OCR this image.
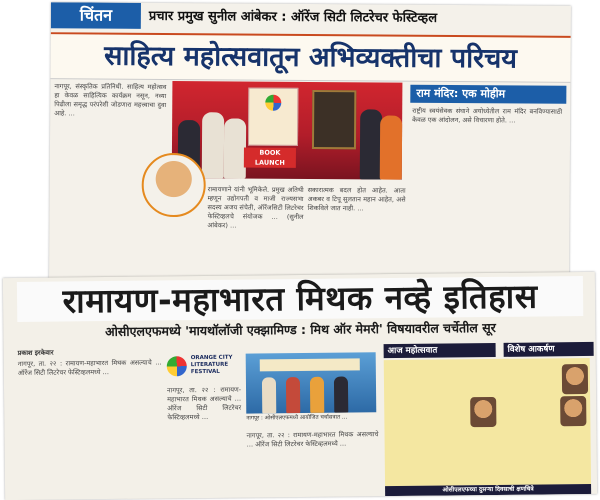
चिंतन	प्रचार प्रमुख सुनील आंबेकर : ऑरेंज सिटी लिटरेचर फेस्टिव्हल
साहित्य महोत्सवातून अभिव्यक्तीचा परिचय
नागपूर, संस्कृतिक प्रतिनिधी. साहित्य महोत्सव हा केवळ साहित्यिक कार्यक्रम नसून, नव्या पिढीला समृद्ध परंपरेशी जोडणारा महत्त्वाचा दुवा आहे. …
BOOK LAUNCH
रामायणाने यांनी भूमिकेले. प्रमुख अतिथी म्हणून उद्योगपती व माजी राज्यसभा सदस्य अजय संचेती, ऑरेंजसिटी लिटरेचर फेस्टिव्हलचे संयोजक … (सुनील आंबेकर) …
सकारात्मक बदल होत आहेत. आता अकबर व टिपू सुलतान महान आहेत, असे शिकविले जात नाही. …
राम मंदिर: एक मोहीम
राष्ट्रीय स्वयंसेवक संघाने अयोध्येतील राम मंदिर बनविण्यासाठी केवळ एक आंदोलन, असे विचारणा होते. …
रामायण-महाभारत मिथक नव्हे इतिहास
ओसीएलएफमध्ये 'मायथॉलॉजी एक्झामिण्ड : मिथ ऑर मेमरी' विषयावरील चर्चेतील सूर
प्रकाश इरकेवार
नागपूर, ता. २२ : रामायण-महाभारत मिथक असल्याचे … ऑरेंज सिटी लिटरेचर फेस्टिव्हलमध्ये …
ORANGE CITY
LITERATURE
FESTIVAL
नागपूर, ता. २२ : रामायण-महाभारत मिथक असल्याचे … ऑरेंज सिटी लिटरेचर फेस्टिव्हलमध्ये …	नागपूर : ओसीएलएफमध्ये आयोजित चर्चासत्रात …
नागपूर, ता. २२ : रामायण-महाभारत मिथक असल्याचे … ऑरेंज सिटी लिटरेचर फेस्टिव्हलमध्ये …
आज महोत्सवात	विशेष आकर्षण
ओसीएलएफच्या दुसऱ्या दिवसाची क्षणचित्रे
